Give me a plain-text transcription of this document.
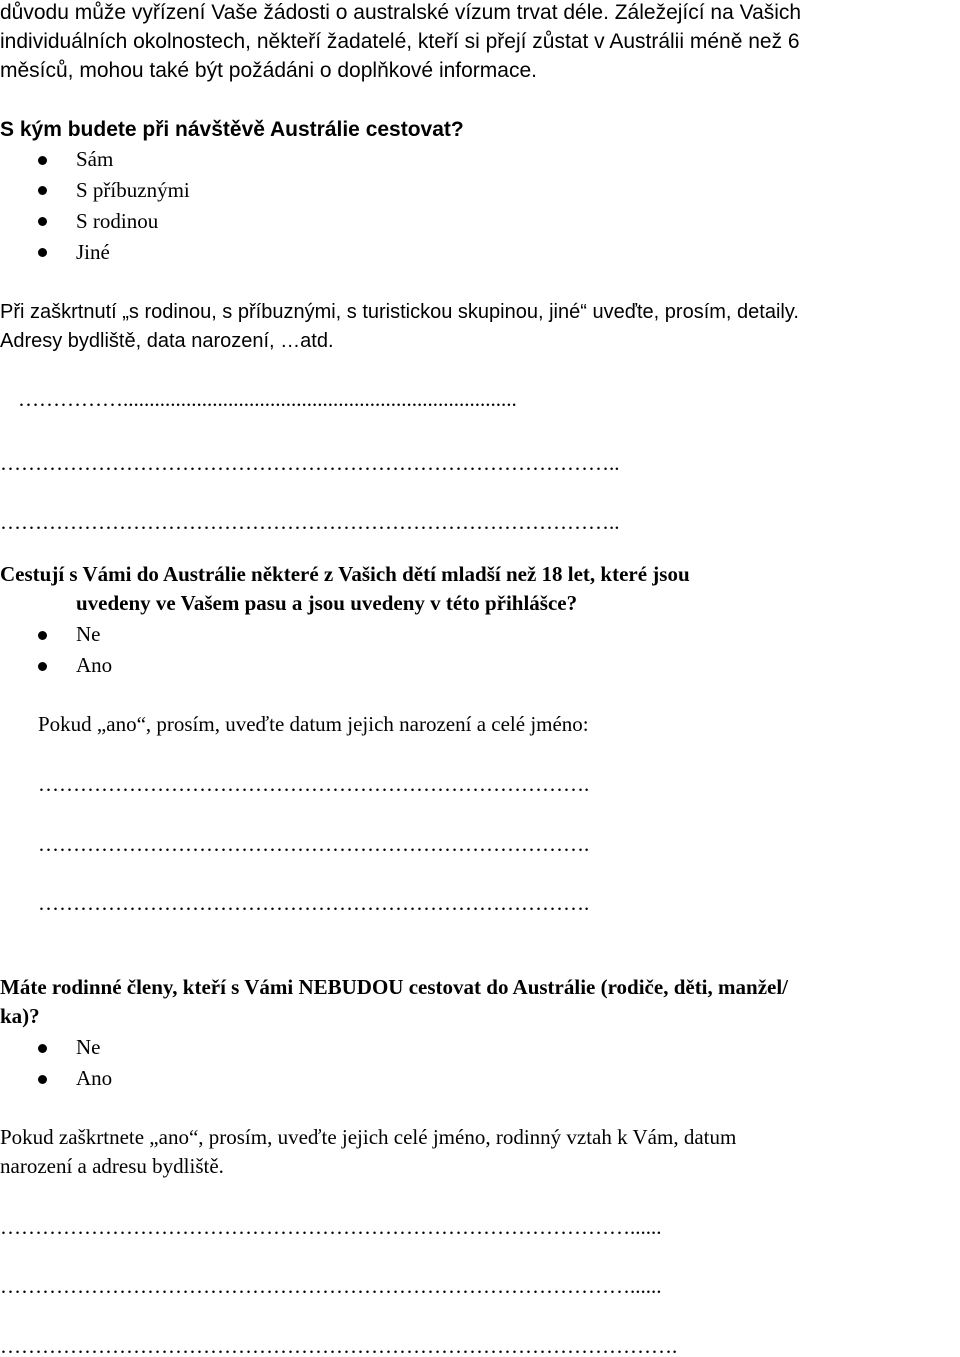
důvodu může vyřízení Vaše žádosti o australské vízum trvat déle. Záležející na Vašich
individuálních okolnostech, někteří žadatelé, kteří si přejí zůstat v Austrálii méně než 6
měsíců, mohou také být požádáni o doplňkové informace.
S kým budete při návštěvě Austrálie cestovat?
Sám
S příbuznými
S rodinou
Jiné
Při zaškrtnutí „s rodinou, s příbuznými, s turistickou skupinou, jiné“ uveďte, prosím, detaily.
Adresy bydliště, data narození, …atd.
……………...........................................................................
……………………………………………………………………………..
……………………………………………………………………………..
Cestují s Vámi do Austrálie některé z Vašich dětí mladší než 18 let, které jsou
uvedeny ve Vašem pasu a jsou uvedeny v této přihlášce?
Ne
Ano
Pokud „ano“, prosím, uveďte datum jejich narození a celé jméno:
…………………………………………………………………….
…………………………………………………………………….
…………………………………………………………………….
Máte rodinné členy, kteří s Vámi NEBUDOU cestovat do Austrálie (rodiče, děti, manžel/
ka)?
Ne
Ano
Pokud zaškrtnete „ano“, prosím, uveďte jejich celé jméno, rodinný vztah k Vám, datum
narození a adresu bydliště.
………………………………………………………………………………......
………………………………………………………………………………......
…………………………………………………………………………………….
